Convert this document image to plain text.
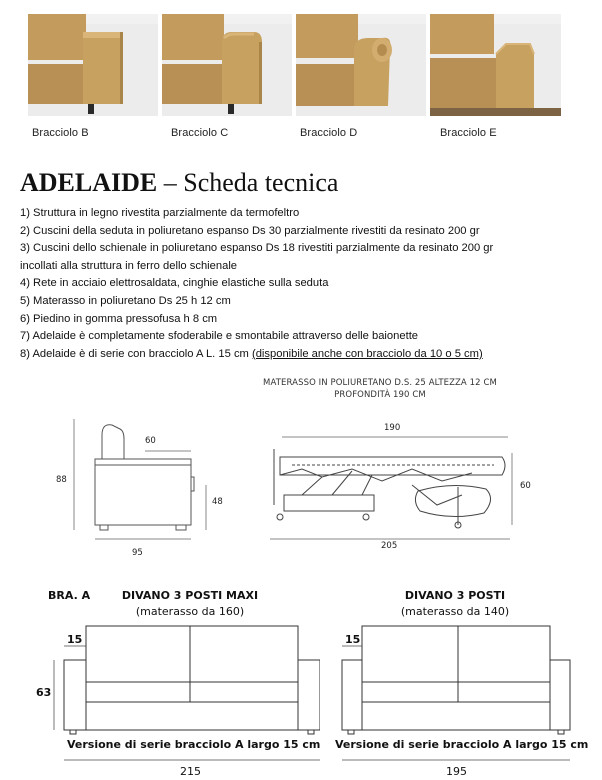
Bracciolo B	Bracciolo C	Bracciolo D	Bracciolo E
ADELAIDE – Scheda tecnica
1) Struttura in legno rivestita parzialmente da termofeltro
2) Cuscini della seduta in poliuretano espanso Ds 30 parzialmente rivestiti da resinato 200 gr
3) Cuscini dello schienale in poliuretano espanso Ds 18 rivestiti parzialmente da resinato 200 gr
incollati alla struttura in ferro dello schienale
4) Rete in acciaio elettrosaldata, cinghie elastiche sulla seduta
5) Materasso in poliuretano Ds 25 h 12 cm
6) Piedino in gomma pressofusa h 8 cm
7) Adelaide è completamente sfoderabile e smontabile attraverso delle baionette
8) Adelaide è di serie con bracciolo A L. 15 cm (disponibile anche con bracciolo da 10 o 5 cm)
60
88
48
95
MATERASSO IN POLIURETANO D.S. 25 ALTEZZA 12 CM
PROFONDITÀ 190 CM
190
60
205
BRA. A	DIVANO 3 POSTI MAXI
(materasso da 160)
DIVANO 3 POSTI
(materasso da 140)
15
63
Versione di serie bracciolo A largo 15 cm
215
15
Versione di serie bracciolo A largo 15 cm
195
